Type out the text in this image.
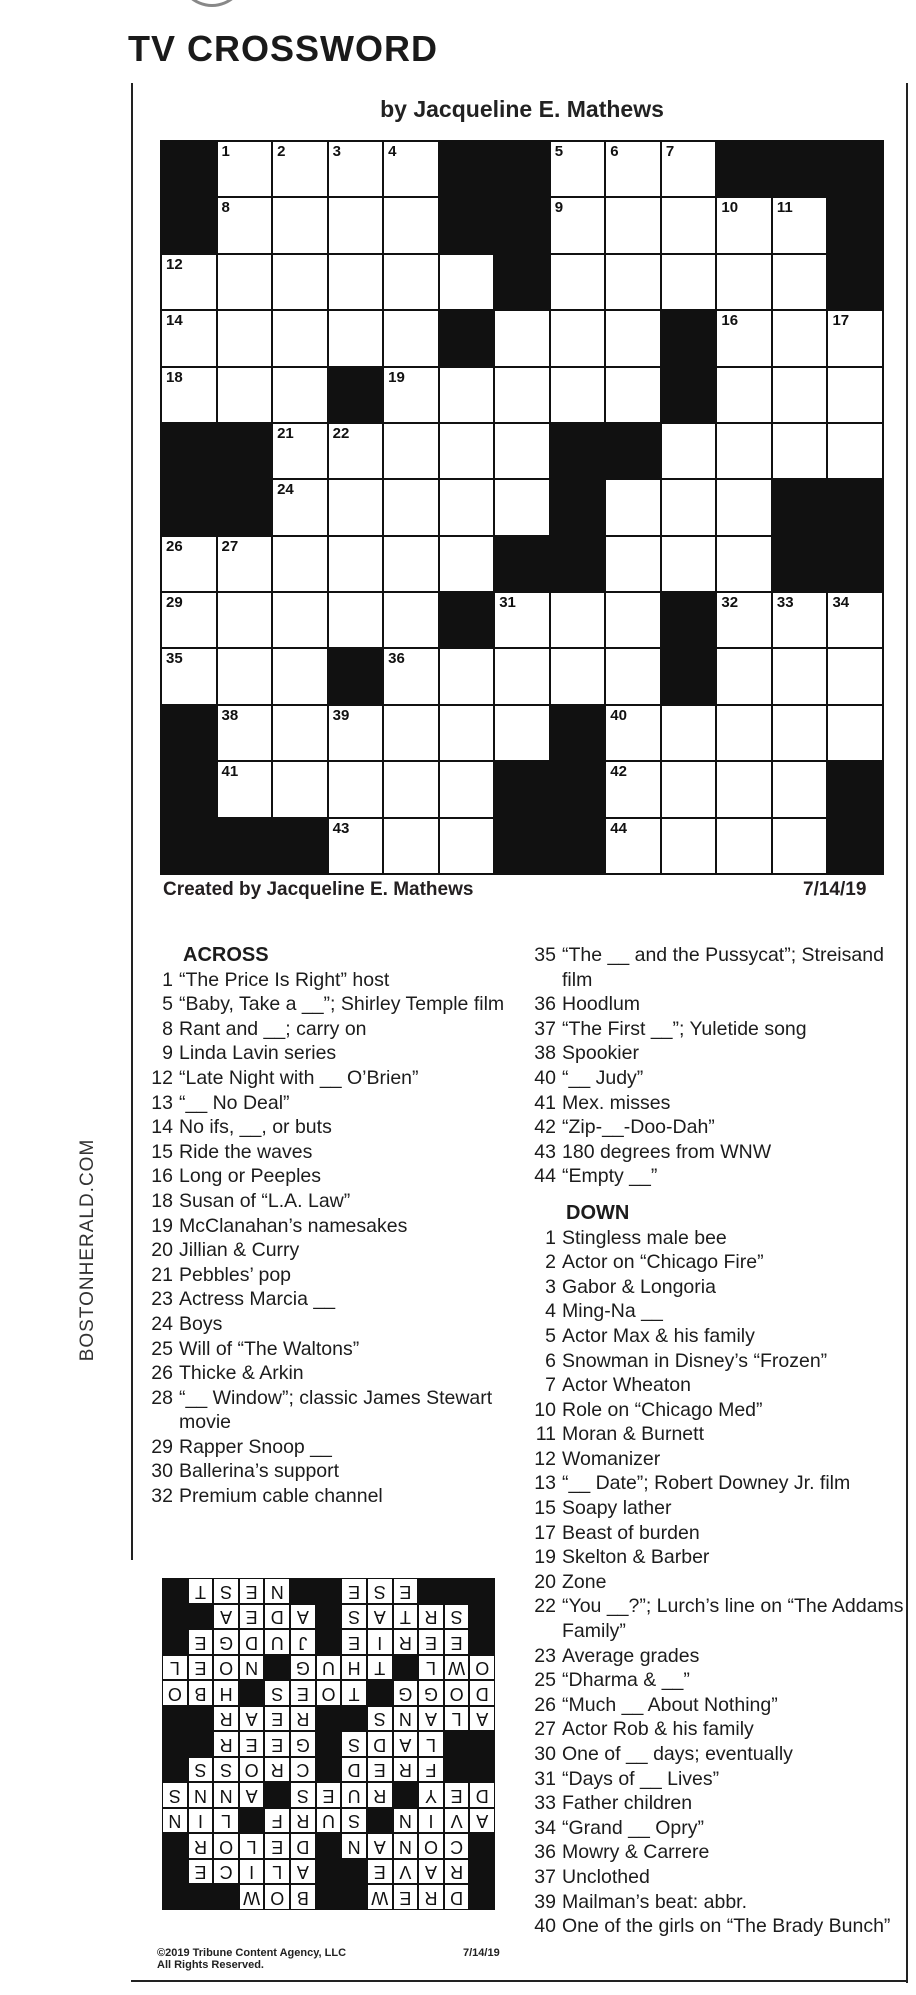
TV CROSSWORD
by Jacqueline E. Mathews
1	2	3	4	5	6	7
8	9	10	11
12
14	16	17
18	19
21	22
24
26	27
29	31	32	33	34
35	36
38	39	40
41	42
43	44
Created by Jacqueline E. Mathews	7/14/19
BOSTONHERALD.COM
ACROSS
1 “The Price Is Right” host
5 “Baby, Take a __”; Shirley Temple film
8 Rant and __; carry on
9 Linda Lavin series
12 “Late Night with __ O’Brien”
13 “__ No Deal”
14 No ifs, __, or buts
15 Ride the waves
16 Long or Peeples
18 Susan of “L.A. Law”
19 McClanahan’s namesakes
20 Jillian & Curry
21 Pebbles’ pop
23 Actress Marcia __
24 Boys
25 Will of “The Waltons”
26 Thicke & Arkin
28 “__ Window”; classic James Stewart movie
29 Rapper Snoop __
30 Ballerina’s support
32 Premium cable channel
35 “The __ and the Pussycat”; Streisand film
36 Hoodlum
37 “The First __”; Yuletide song
38 Spookier
40 “__ Judy”
41 Mex. misses
42 “Zip-__-Doo-Dah”
43 180 degrees from WNW
44 “Empty __”
DOWN
1 Stingless male bee
2 Actor on “Chicago Fire”
3 Gabor & Longoria
4 Ming-Na __
5 Actor Max & his family
6 Snowman in Disney’s “Frozen”
7 Actor Wheaton
10 Role on “Chicago Med”
11 Moran & Burnett
12 Womanizer
13 “__ Date”; Robert Downey Jr. film
15 Soapy lather
17 Beast of burden
19 Skelton & Barber
20 Zone
22 “You __?”; Lurch’s line on “The Addams Family”
23 Average grades
25 “Dharma & __”
26 “Much __ About Nothing”
27 Actor Rob & his family
30 One of __ days; eventually
31 “Days of __ Lives”
33 Father children
34 “Grand __ Opry”
36 Mowry & Carrere
37 Unclothed
39 Mailman’s beat: abbr.
40 One of the girls on “The Brady Bunch”
D
R
E
W
B
O
W
R
A
V
E
A
L
I
C
E
C
O
N
A
N
D
E
L
O
R
A
V
I
N
S
U
R
F
L
I
N
D
E
Y
R
U
E
S
A
N
N
S
F
R
E
D
C
R
O
S
S
L
A
D
S
G
E
E
R
A
L
A
N
S
R
E
A
R
D
O
G
G
T
O
E
S
H
B
O
O
W
L
T
H
U
G
N
O
E
L
E
E
R
I
E
J
U
D
G
E
S
R
T
A
S
A
D
E
A
E
S
E
N
E
S
T
©2019 Tribune Content Agency, LLC
All Rights Reserved.
7/14/19
